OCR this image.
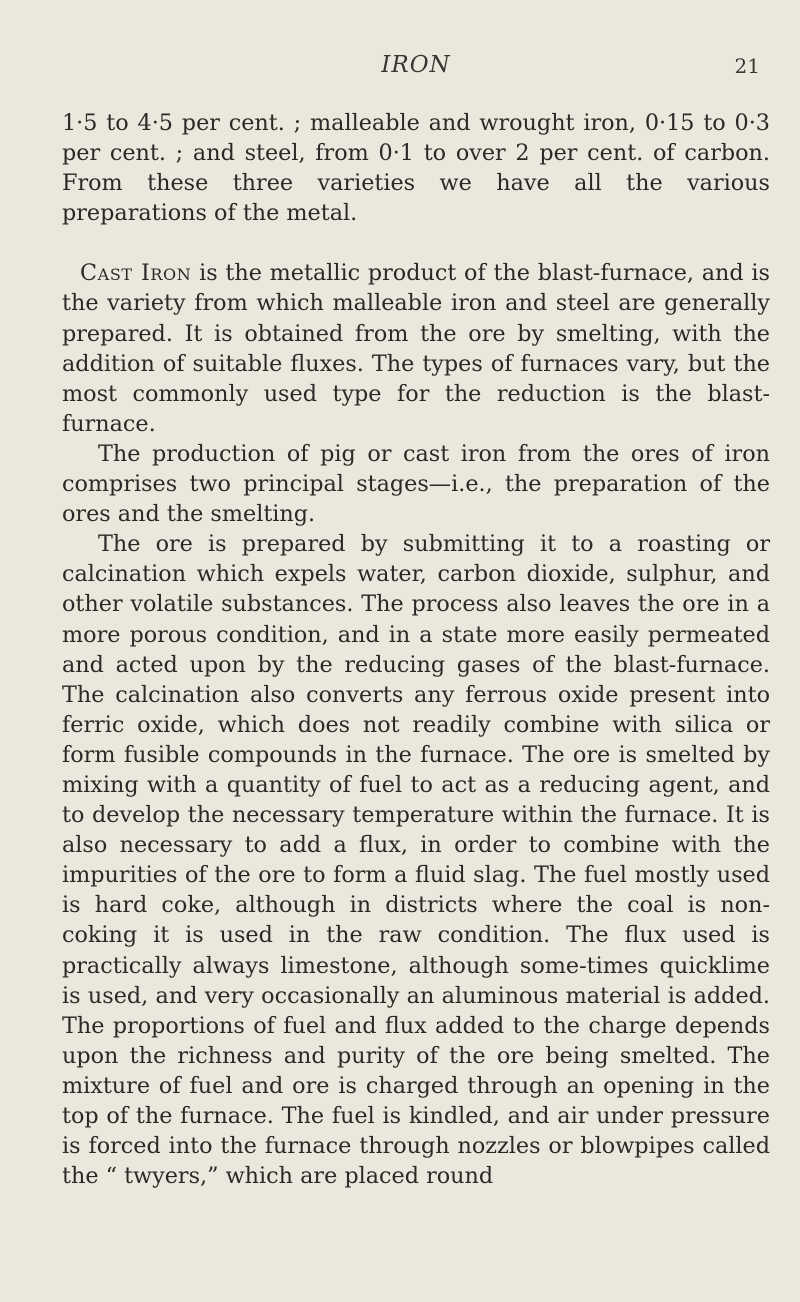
IRON	21

1·5 to 4·5 per cent. ; malleable and wrought iron, 0·15 to 0·3 per cent. ; and steel, from 0·1 to over 2 per cent. of carbon. From these three varieties we have all the various preparations of the metal.

Cast Iron is the metallic product of the blast-furnace, and is the variety from which malleable iron and steel are generally prepared. It is obtained from the ore by smelting, with the addition of suitable fluxes. The types of furnaces vary, but the most commonly used type for the reduction is the blast-furnace.

The production of pig or cast iron from the ores of iron comprises two principal stages—i.e., the preparation of the ores and the smelting.

The ore is prepared by submitting it to a roasting or calcination which expels water, carbon dioxide, sulphur, and other volatile substances. The process also leaves the ore in a more porous condition, and in a state more easily permeated and acted upon by the reducing gases of the blast-furnace. The calcination also converts any ferrous oxide present into ferric oxide, which does not readily combine with silica or form fusible compounds in the furnace. The ore is smelted by mixing with a quantity of fuel to act as a reducing agent, and to develop the necessary temperature within the furnace. It is also necessary to add a flux, in order to combine with the impurities of the ore to form a fluid slag. The fuel mostly used is hard coke, although in districts where the coal is non-coking it is used in the raw condition. The flux used is practically always limestone, although some-times quicklime is used, and very occasionally an aluminous material is added. The proportions of fuel and flux added to the charge depends upon the richness and purity of the ore being smelted. The mixture of fuel and ore is charged through an opening in the top of the furnace. The fuel is kindled, and air under pressure is forced into the furnace through nozzles or blowpipes called the “ twyers,” which are placed round
